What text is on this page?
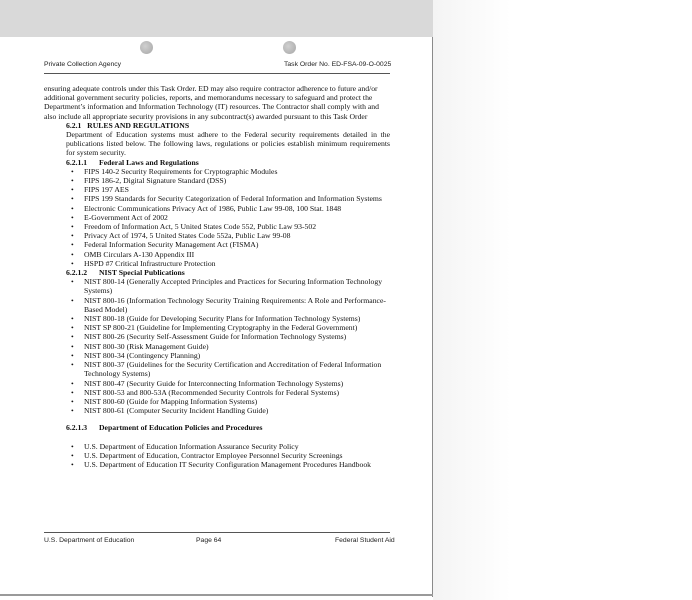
Private Collection Agency	Task Order No. ED-FSA-09-O-0025

ensuring adequate controls under this Task Order. ED may also require contractor adherence to future and/or additional government security policies, reports, and memorandums necessary to safeguard and protect the Department’s information and Information Technology (IT) resources. The Contractor shall comply with and also include all appropriate security provisions in any subcontract(s) awarded pursuant to this Task Order

6.2.1 RULES AND REGULATIONS

Department of Education systems must adhere to the Federal security requirements detailed in the publications listed below. The following laws, regulations or policies establish minimum requirements for system security.

6.2.1.1 Federal Laws and Regulations

• FIPS 140-2 Security Requirements for Cryptographic Modules
• FIPS 186-2, Digital Signature Standard (DSS)
• FIPS 197 AES
• FIPS 199 Standards for Security Categorization of Federal Information and Information Systems
• Electronic Communications Privacy Act of 1986, Public Law 99-08, 100 Stat. 1848
• E-Government Act of 2002
• Freedom of Information Act, 5 United States Code 552, Public Law 93-502
• Privacy Act of 1974, 5 United States Code 552a, Public Law 99-08
• Federal Information Security Management Act (FISMA)
• OMB Circulars A-130 Appendix III
• HSPD #7 Critical Infrastructure Protection

6.2.1.2 NIST Special Publications

• NIST 800-14 (Generally Accepted Principles and Practices for Securing Information Technology Systems)
• NIST 800-16 (Information Technology Security Training Requirements: A Role and Performance-Based Model)
• NIST 800-18 (Guide for Developing Security Plans for Information Technology Systems)
• NIST SP 800-21 (Guideline for Implementing Cryptography in the Federal Government)
• NIST 800-26 (Security Self-Assessment Guide for Information Technology Systems)
• NIST 800-30 (Risk Management Guide)
• NIST 800-34 (Contingency Planning)
• NIST 800-37 (Guidelines for the Security Certification and Accreditation of Federal Information Technology Systems)
• NIST 800-47 (Security Guide for Interconnecting Information Technology Systems)
• NIST 800-53 and 800-53A (Recommended Security Controls for Federal Systems)
• NIST 800-60 (Guide for Mapping Information Systems)
• NIST 800-61 (Computer Security Incident Handling Guide)

6.2.1.3 Department of Education Policies and Procedures

• U.S. Department of Education Information Assurance Security Policy
• U.S. Department of Education, Contractor Employee Personnel Security Screenings
• U.S. Department of Education IT Security Configuration Management Procedures Handbook
U.S. Department of Education	Page 64	Federal Student Aid
